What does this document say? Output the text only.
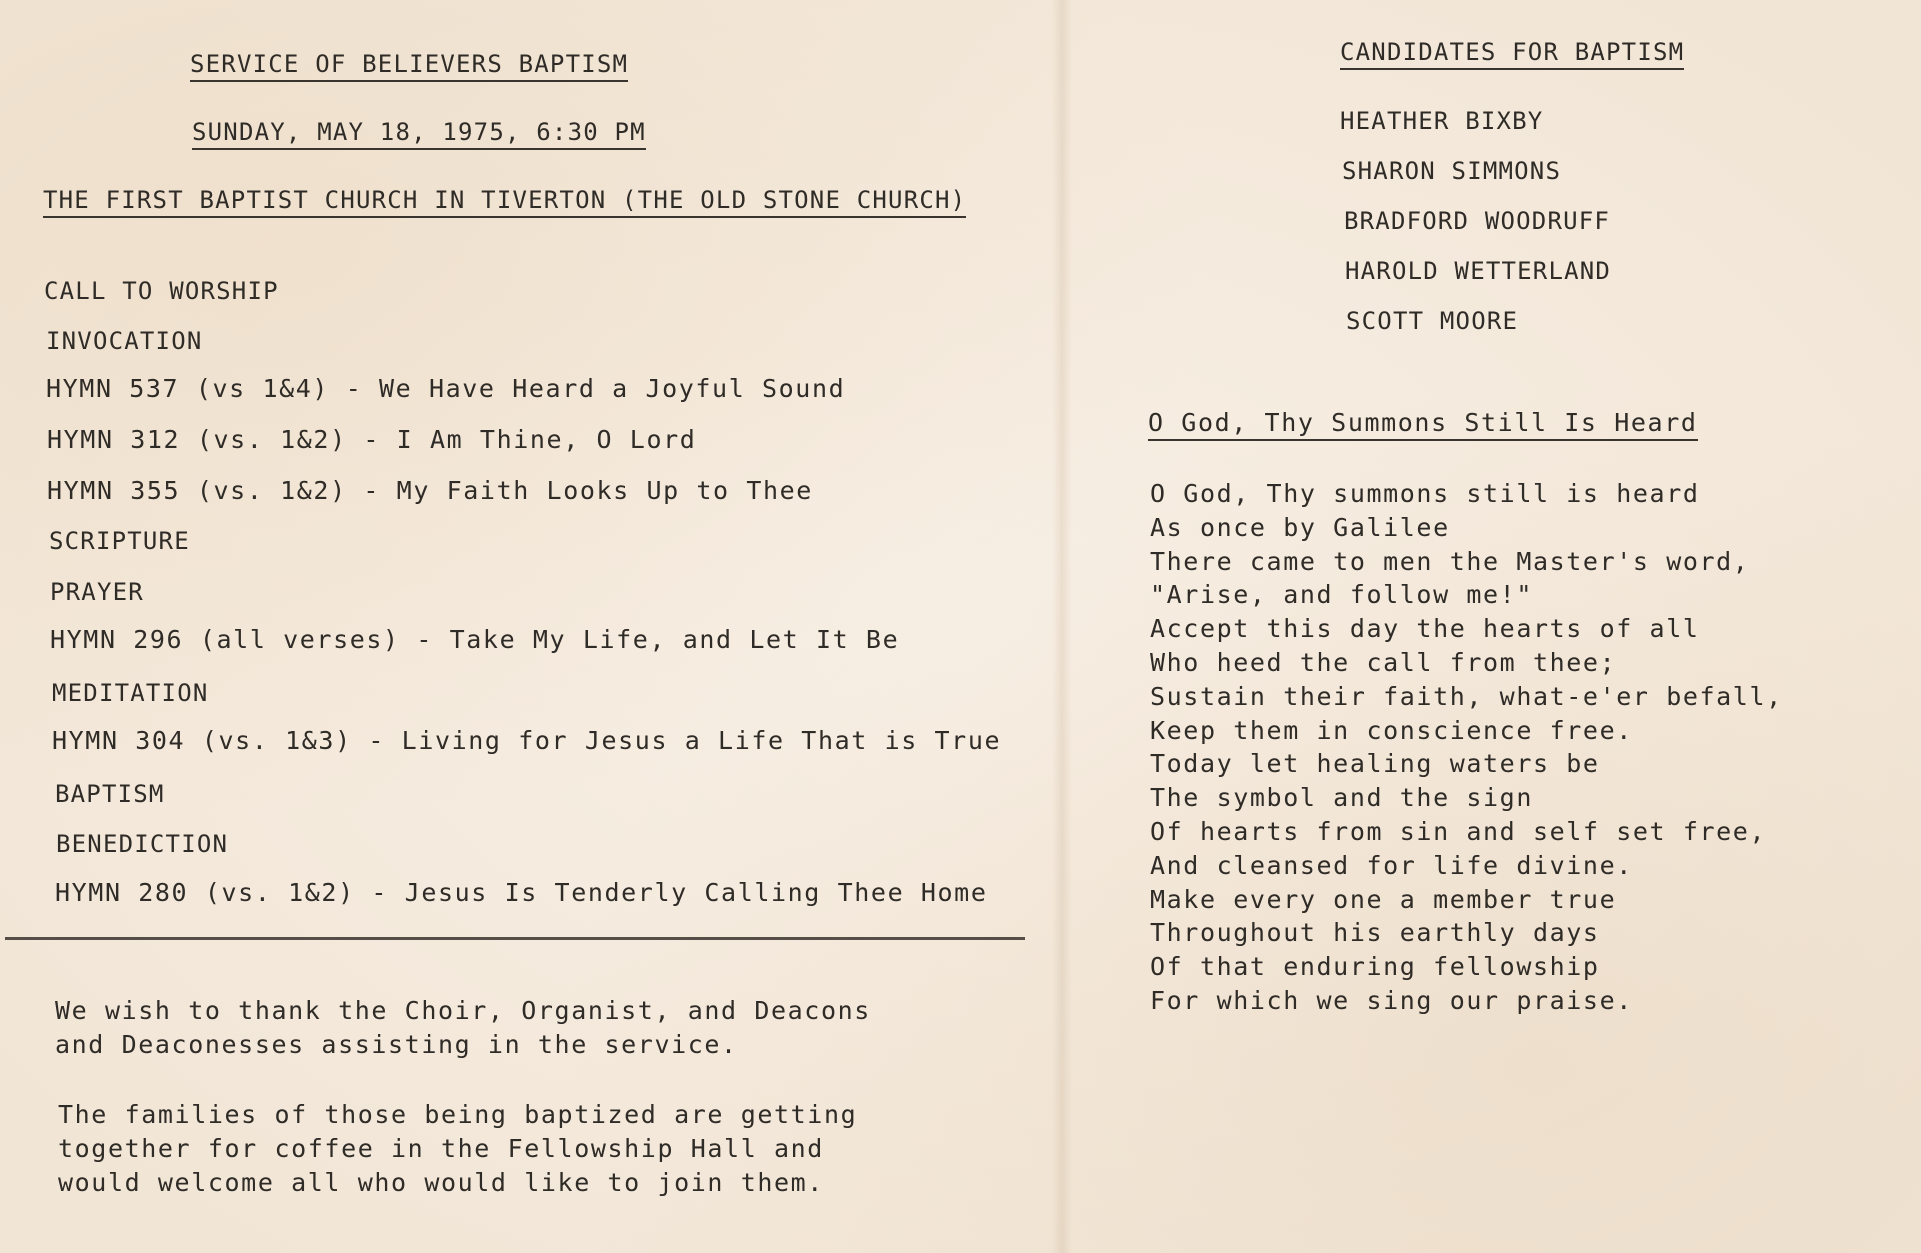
SERVICE OF BELIEVERS BAPTISM
SUNDAY, MAY 18, 1975, 6:30 PM
THE FIRST BAPTIST CHURCH IN TIVERTON (THE OLD STONE CHURCH)
CALL TO WORSHIP
INVOCATION
HYMN 537 (vs 1&4) - We Have Heard a Joyful Sound
HYMN 312 (vs. 1&2) - I Am Thine, O Lord
HYMN 355 (vs. 1&2) - My Faith Looks Up to Thee
SCRIPTURE
PRAYER
HYMN 296 (all verses) - Take My Life, and Let It Be
MEDITATION
HYMN 304 (vs. 1&3) - Living for Jesus a Life That is True
BAPTISM
BENEDICTION
HYMN 280 (vs. 1&2) - Jesus Is Tenderly Calling Thee Home
We wish to thank the Choir, Organist, and Deacons
and Deaconesses assisting in the service.
The families of those being baptized are getting
together for coffee in the Fellowship Hall and
would welcome all who would like to join them.
CANDIDATES FOR BAPTISM
HEATHER BIXBY
SHARON SIMMONS
BRADFORD WOODRUFF
HAROLD WETTERLAND
SCOTT MOORE
O God, Thy Summons Still Is Heard
O God, Thy summons still is heard
As once by Galilee
There came to men the Master's word,
"Arise, and follow me!"
Accept this day the hearts of all
Who heed the call from thee;
Sustain their faith, what-e'er befall,
Keep them in conscience free.
Today let healing waters be
The symbol and the sign
Of hearts from sin and self set free,
And cleansed for life divine.
Make every one a member true
Throughout his earthly days
Of that enduring fellowship
For which we sing our praise.
